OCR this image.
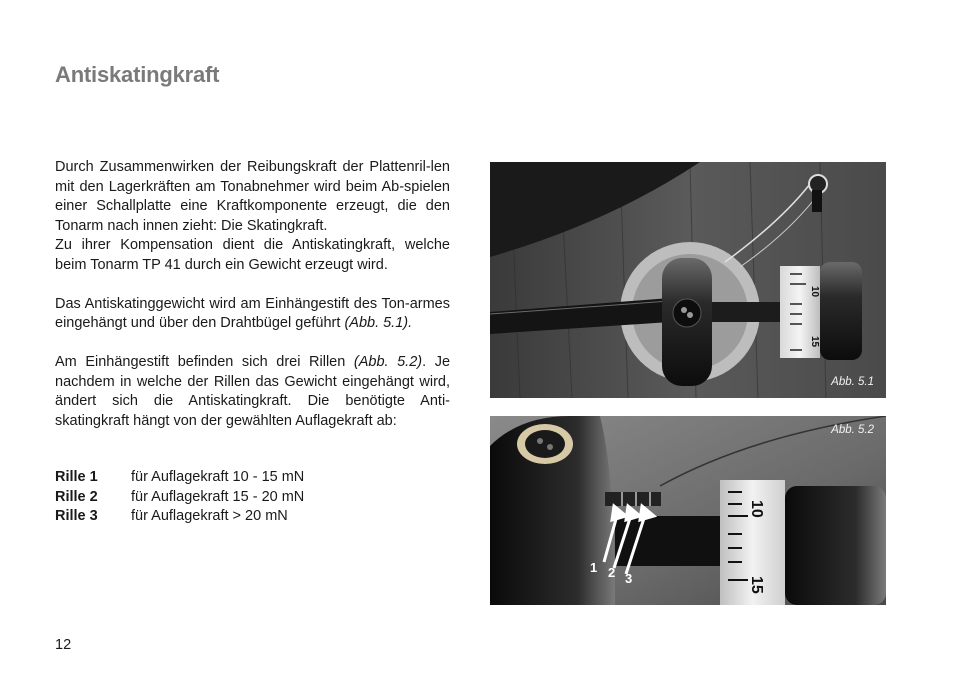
Antiskatingkraft

Durch Zusammenwirken der Reibungskraft der Plattenril-len mit den Lagerkräften am Tonabnehmer wird beim Ab-spielen einer Schallplatte eine Kraftkomponente erzeugt, die den Tonarm nach innen zieht: Die Skatingkraft.
Zu ihrer Kompensation dient die Antiskatingkraft, welche beim Tonarm TP 41 durch ein Gewicht erzeugt wird.

Das Antiskatinggewicht wird am Einhängestift des Ton-armes eingehängt und über den Drahtbügel geführt (Abb. 5.1).

Am Einhängestift befinden sich drei Rillen (Abb. 5.2). Je nachdem in welche der Rillen das Gewicht eingehängt wird, ändert sich die Antiskatingkraft. Die benötigte Anti-skatingkraft hängt von der gewählten Auflagekraft ab:

Rille 1	für Auflagekraft 10 - 15 mN
Rille 2	für Auflagekraft 15 - 20 mN
Rille 3	für Auflagekraft > 20 mN
12
10
15
Abb. 5.1
10
15
1 2 3
Abb. 5.2
